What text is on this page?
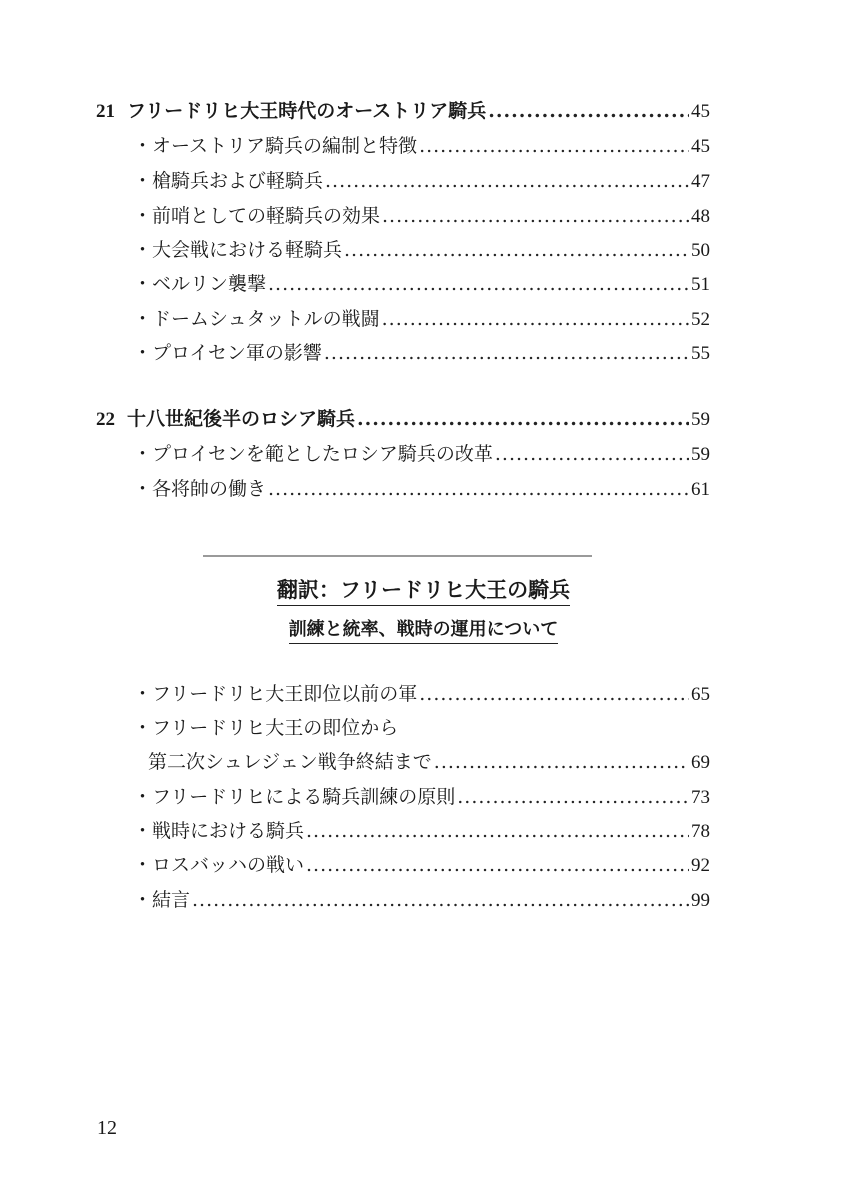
21 フリードリヒ大王時代のオーストリア騎兵 .....	45
・オーストリア騎兵の編制と特徴 .....	45
・槍騎兵および軽騎兵 .....	47
・前哨としての軽騎兵の効果 .....	48
・大会戦における軽騎兵 .....	50
・ベルリン襲撃 .....	51
・ドームシュタットルの戦闘 .....	52
・プロイセン軍の影響 .....	55
22 十八世紀後半のロシア騎兵 .....	59
・プロイセンを範としたロシア騎兵の改革 .....	59
・各将帥の働き .....	61
翻訳：フリードリヒ大王の騎兵
訓練と統率、戦時の運用について
・フリードリヒ大王即位以前の軍 .....	65
・フリードリヒ大王の即位から
第二次シュレジェン戦争終結まで .....	69
・フリードリヒによる騎兵訓練の原則 .....	73
・戦時における騎兵 .....	78
・ロスバッハの戦い .....	92
・結言 .....	99
12
